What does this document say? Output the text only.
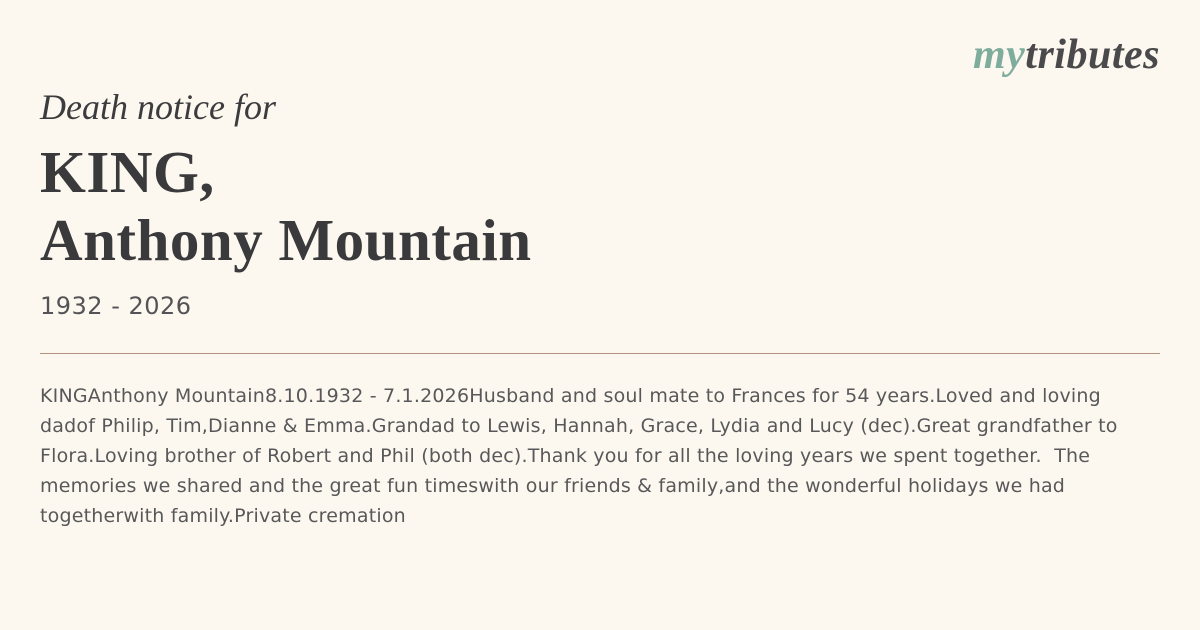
mytributes
Death notice for
KING,
Anthony Mountain
1932 - 2026

KINGAnthony Mountain8.10.1932 - 7.1.2026Husband and soul mate to Frances for 54 years.Loved and loving dadof Philip, Tim,Dianne & Emma.Grandad to Lewis, Hannah, Grace, Lydia and Lucy (dec).Great grandfather to Flora.Loving brother of Robert and Phil (both dec).Thank you for all the loving years we spent together.  The memories we shared and the great fun timeswith our friends & family,and the wonderful holidays we had togetherwith family.Private cremation
